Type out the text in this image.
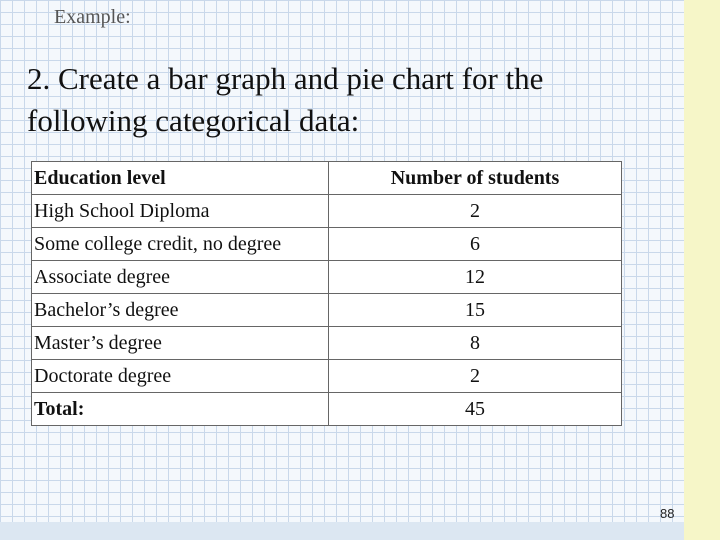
Example:
2. Create a bar graph and pie chart for the following categorical data:
Education level	Number of students
High School Diploma	2
Some college credit, no degree	6
Associate degree	12
Bachelor’s degree	15
Master’s degree	8
Doctorate degree	2
Total:	45
88
